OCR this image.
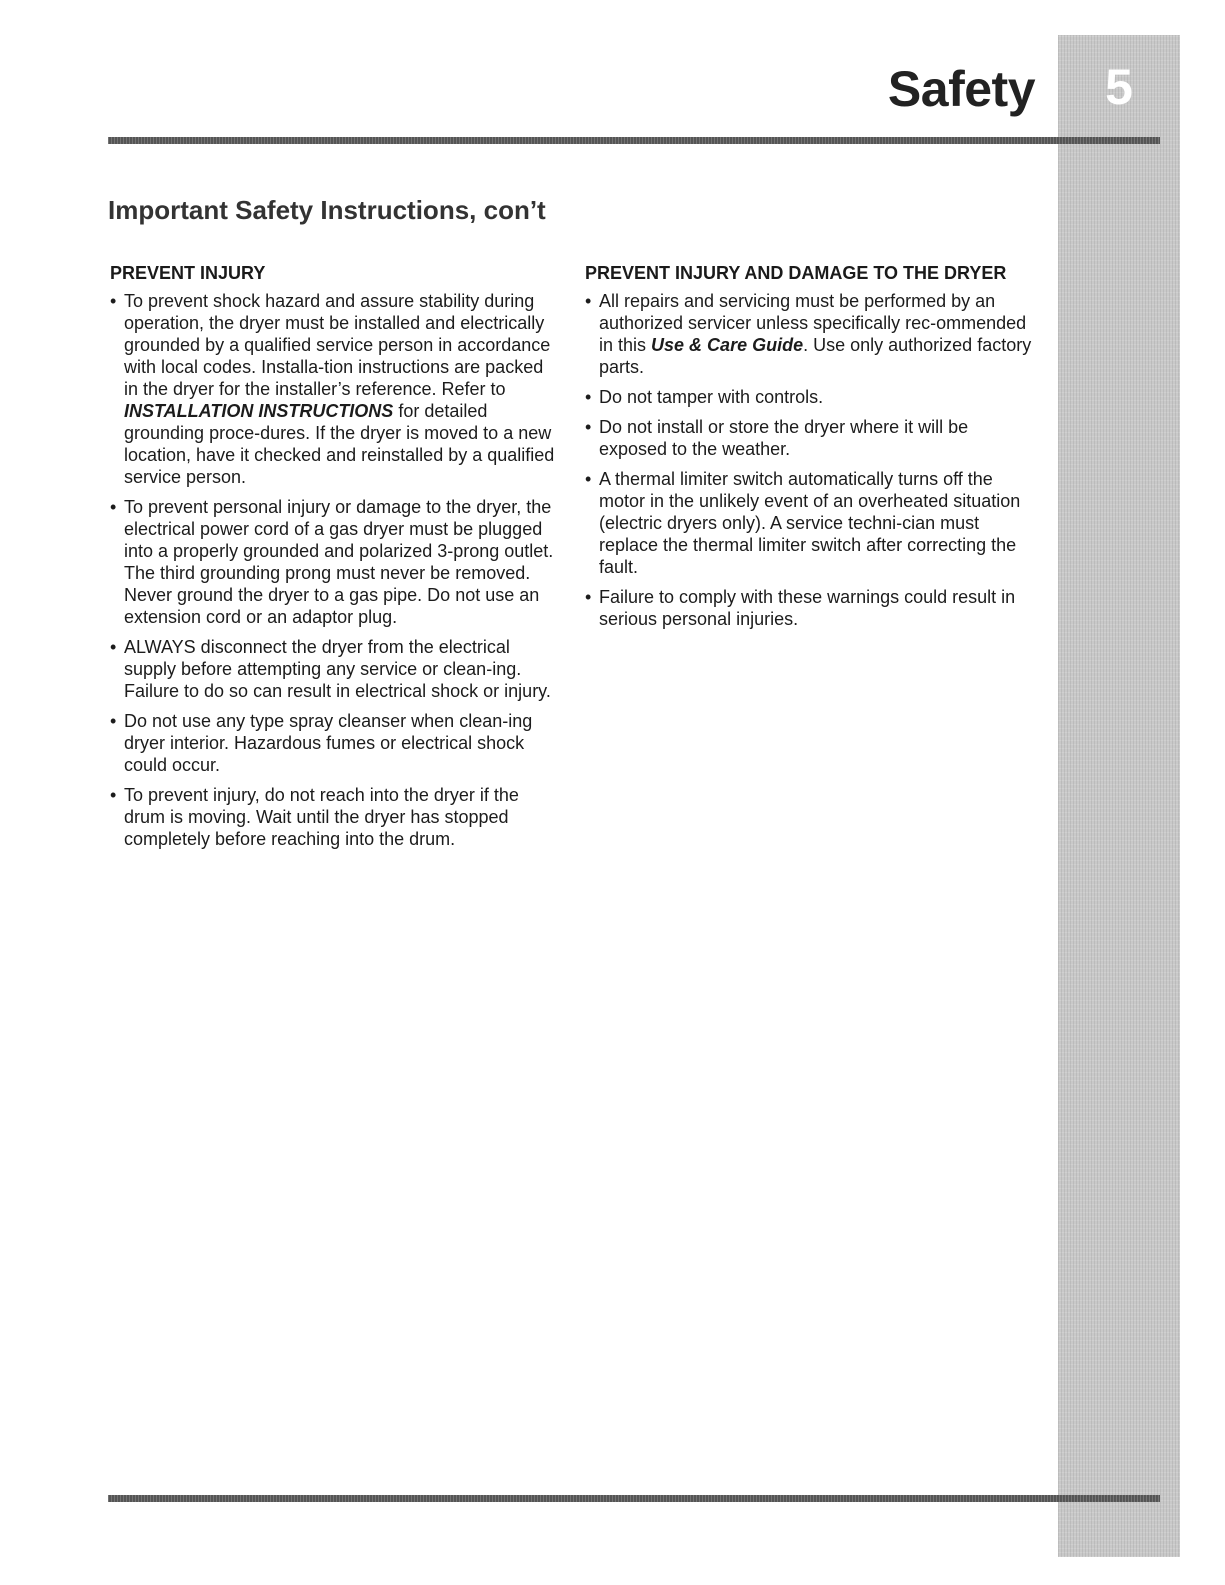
5
Safety
Important Safety Instructions, con’t
PREVENT INJURY
• To prevent shock hazard and assure stability during operation, the dryer must be installed and electrically grounded by a qualified service person in accordance with local codes. Installa-tion instructions are packed in the dryer for the installer’s reference. Refer to INSTALLATION INSTRUCTIONS for detailed grounding proce-dures. If the dryer is moved to a new location, have it checked and reinstalled by a qualified service person.
• To prevent personal injury or damage to the dryer, the electrical power cord of a gas dryer must be plugged into a properly grounded and polarized 3-prong outlet. The third grounding prong must never be removed. Never ground the dryer to a gas pipe. Do not use an extension cord or an adaptor plug.
• ALWAYS disconnect the dryer from the electrical supply before attempting any service or clean-ing. Failure to do so can result in electrical shock or injury.
• Do not use any type spray cleanser when clean-ing dryer interior. Hazardous fumes or electrical shock could occur.
• To prevent injury, do not reach into the dryer if the drum is moving. Wait until the dryer has stopped completely before reaching into the drum.
PREVENT INJURY AND DAMAGE TO THE DRYER
• All repairs and servicing must be performed by an authorized servicer unless specifically rec-ommended in this Use & Care Guide. Use only authorized factory parts.
• Do not tamper with controls.
• Do not install or store the dryer where it will be exposed to the weather.
• A thermal limiter switch automatically turns off the motor in the unlikely event of an overheated situation (electric dryers only). A service techni-cian must replace the thermal limiter switch after correcting the fault.
• Failure to comply with these warnings could result in serious personal injuries.
